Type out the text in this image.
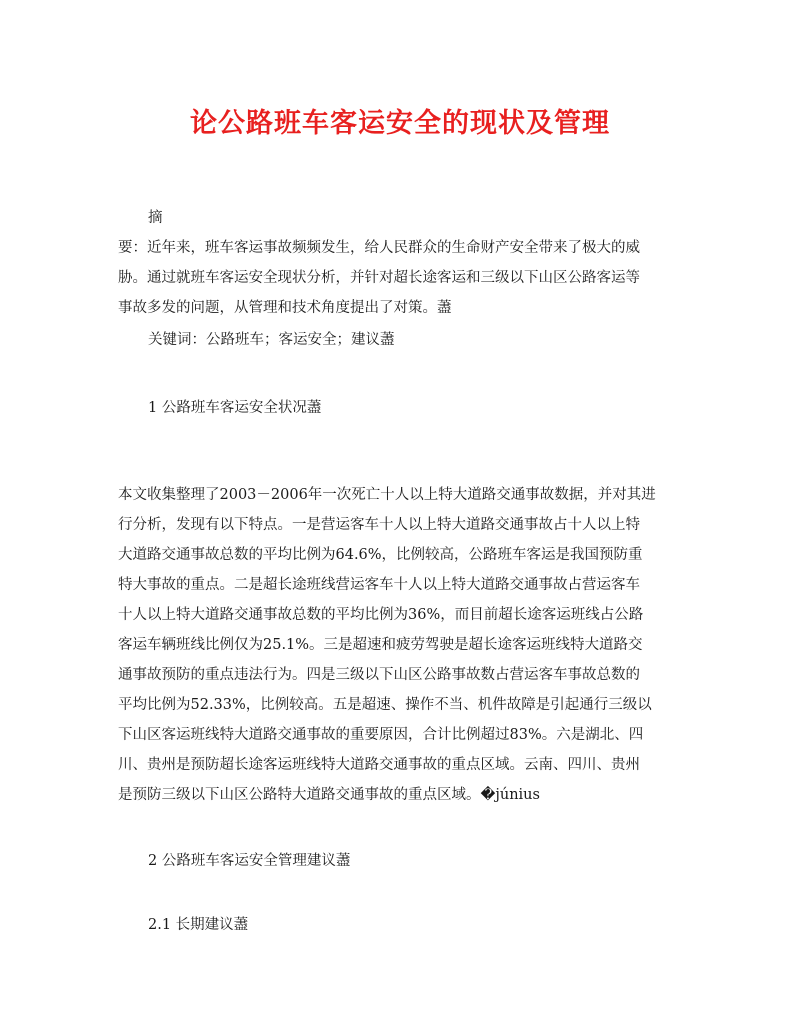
论公路班车客运安全的现状及管理
摘
要：近年来，班车客运事故频频发生，给人民群众的生命财产安全带来了极大的威
胁。通过就班车客运安全现状分析，并针对超长途客运和三级以下山区公路客运等
事故多发的问题，从管理和技术角度提出了对策。藎
关键词：公路班车；客运安全；建议藎
1 公路班车客运安全状况藎
本文收集整理了2003－2006年一次死亡十人以上特大道路交通事故数据，并对其进
行分析，发现有以下特点。一是营运客车十人以上特大道路交通事故占十人以上特
大道路交通事故总数的平均比例为64.6%，比例较高，公路班车客运是我国预防重
特大事故的重点。二是超长途班线营运客车十人以上特大道路交通事故占营运客车
十人以上特大道路交通事故总数的平均比例为36%，而目前超长途客运班线占公路
客运车辆班线比例仅为25.1%。三是超速和疲劳驾驶是超长途客运班线特大道路交
通事故预防的重点违法行为。四是三级以下山区公路事故数占营运客车事故总数的
平均比例为52.33%，比例较高。五是超速、操作不当、机件故障是引起通行三级以
下山区客运班线特大道路交通事故的重要原因，合计比例超过83%。六是湖北、四
川、贵州是预防超长途客运班线特大道路交通事故的重点区域。云南、四川、贵州
是预防三级以下山区公路特大道路交通事故的重点区域。�június
2 公路班车客运安全管理建议藎
2.1 长期建议藎
